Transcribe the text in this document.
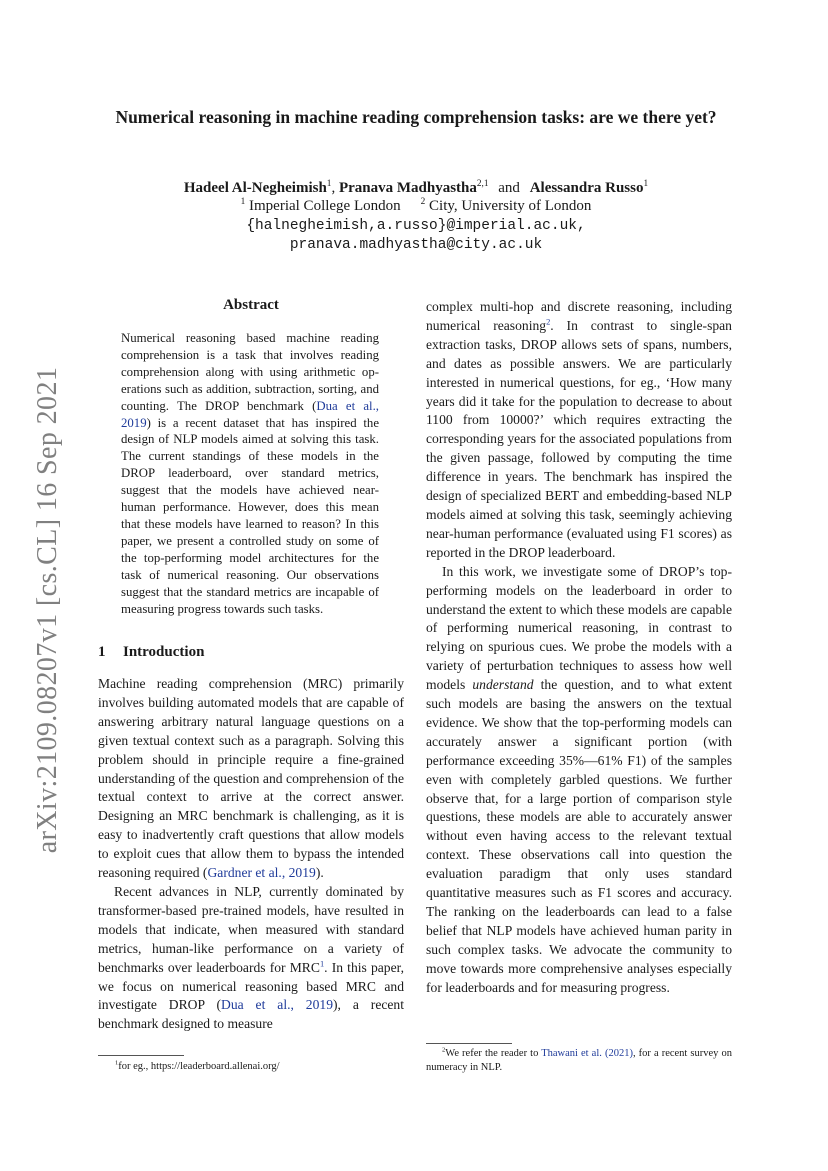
arXiv:2109.08207v1 [cs.CL] 16 Sep 2021
Numerical reasoning in machine reading comprehension tasks: are we there yet?
Hadeel Al-Negheimish$^1$, Pranava Madhyastha$^{2,1}$ and Alessandra Russo$^1$
$^1$ Imperial College London $^2$ City, University of London
{halnegheimish,a.russo}@imperial.ac.uk,
pranava.madhyastha@city.ac.uk
Abstract
Numerical reasoning based machine reading comprehension is a task that involves reading comprehension along with using arithmetic operations such as addition, subtraction, sorting, and counting. The DROP benchmark (Dua et al., 2019) is a recent dataset that has inspired the design of NLP models aimed at solving this task. The current standings of these models in the DROP leaderboard, over standard metrics, suggest that the models have achieved near-human performance. However, does this mean that these models have learned to reason? In this paper, we present a controlled study on some of the top-performing model architectures for the task of numerical reasoning. Our observations suggest that the standard metrics are incapable of measuring progress towards such tasks.
1 Introduction

Machine reading comprehension (MRC) primarily involves building automated models that are capable of answering arbitrary natural language questions on a given textual context such as a paragraph. Solving this problem should in principle require a fine-grained understanding of the question and comprehension of the textual context to arrive at the correct answer. Designing an MRC benchmark is challenging, as it is easy to inadvertently craft questions that allow models to exploit cues that allow them to bypass the intended reasoning required (Gardner et al., 2019).

Recent advances in NLP, currently dominated by transformer-based pre-trained models, have resulted in models that indicate, when measured with standard metrics, human-like performance on a variety of benchmarks over leaderboards for MRC$^1$. In this paper, we focus on numerical reasoning based MRC and investigate DROP (Dua et al., 2019), a recent benchmark designed to measure

complex multi-hop and discrete reasoning, including numerical reasoning$^2$. In contrast to single-span extraction tasks, DROP allows sets of spans, numbers, and dates as possible answers. We are particularly interested in numerical questions, for eg., ‘How many years did it take for the population to decrease to about 1100 from 10000?’ which requires extracting the corresponding years for the associated populations from the given passage, followed by computing the time difference in years. The benchmark has inspired the design of specialized BERT and embedding-based NLP models aimed at solving this task, seemingly achieving near-human performance (evaluated using F1 scores) as reported in the DROP leaderboard.

In this work, we investigate some of DROP’s top-performing models on the leaderboard in order to understand the extent to which these models are capable of performing numerical reasoning, in contrast to relying on spurious cues. We probe the models with a variety of perturbation techniques to assess how well models understand the question, and to what extent such models are basing the answers on the textual evidence. We show that the top-performing models can accurately answer a significant portion (with performance exceeding 35%—61% F1) of the samples even with completely garbled questions. We further observe that, for a large portion of comparison style questions, these models are able to accurately answer without even having access to the relevant textual context. These observations call into question the evaluation paradigm that only uses standard quantitative measures such as F1 scores and accuracy. The ranking on the leaderboards can lead to a false belief that NLP models have achieved human parity in such complex tasks. We advocate the community to move towards more comprehensive analyses especially for leaderboards and for measuring progress.

$^1$for eg., https://leaderboard.allenai.org/
$^2$We refer the reader to Thawani et al. (2021), for a recent survey on numeracy in NLP.
